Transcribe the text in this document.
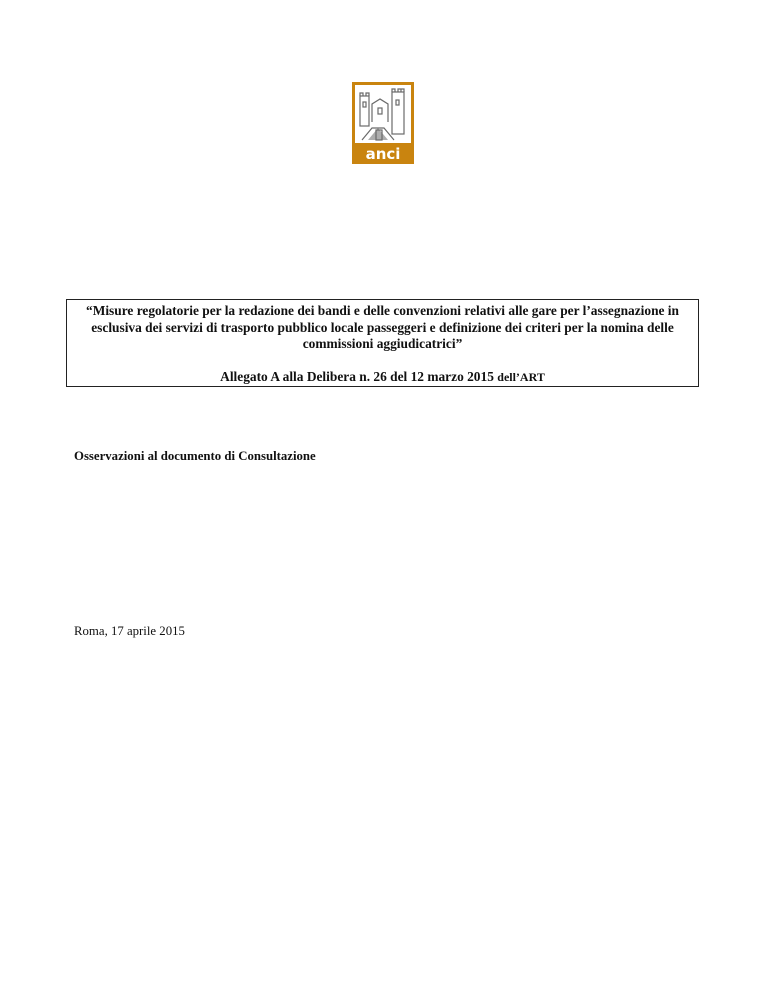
anci

“Misure regolatorie per la redazione dei bandi e delle convenzioni relativi alle gare per l’assegnazione in esclusiva dei servizi di trasporto pubblico locale passeggeri e definizione dei criteri per la nomina delle commissioni aggiudicatrici”

Allegato A alla Delibera n. 26 del 12 marzo 2015 dell’ART

Osservazioni al documento di Consultazione
Roma, 17 aprile 2015
